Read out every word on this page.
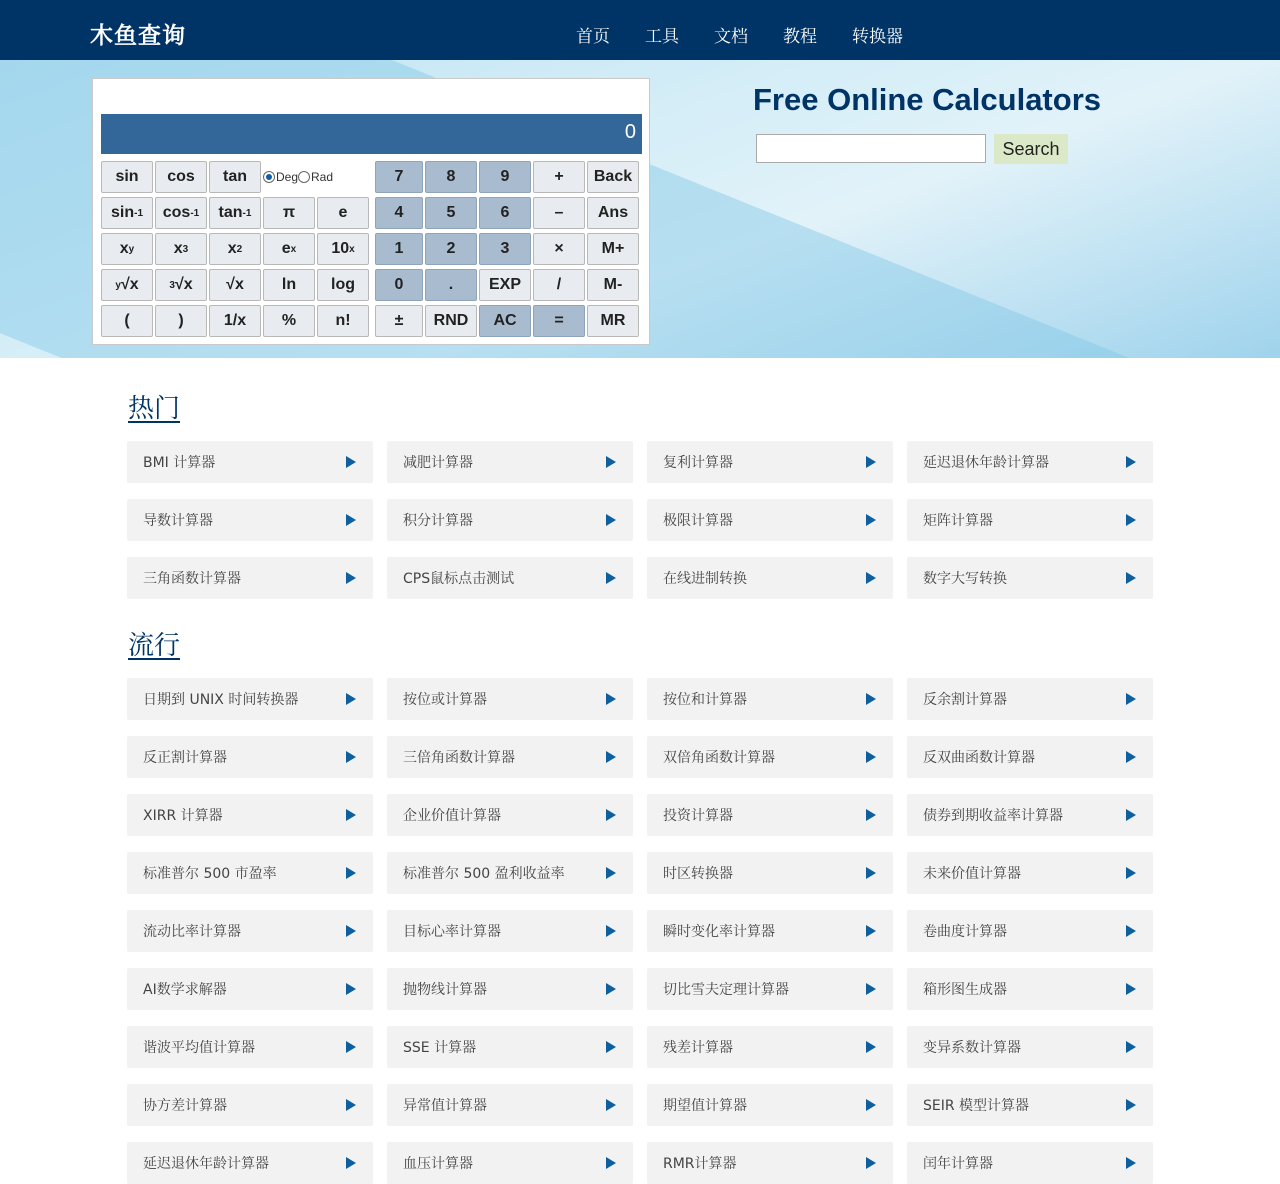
木鱼查询	首页 工具 文档 教程 转换器
0
sin	cos	tan	Deg Rad	7	8	9	+	Back
sin -1	cos -1	tan -1	π	e	4	5	6	–	Ans
x y	x 3	x 2	e x	10 x	1	2	3	×	M+
y √x	3 √x	√x	ln	log	0	.	EXP	/	M-
(	)	1/x	%	n!	±	RND	AC	=	MR
Free Online Calculators
Search
热门
BMI 计算器	减肥计算器	复利计算器	延迟退休年龄计算器
导数计算器	积分计算器	极限计算器	矩阵计算器
三角函数计算器	CPS鼠标点击测试	在线进制转换	数字大写转换
流行
日期到 UNIX 时间转换器	按位或计算器	按位和计算器	反余割计算器
反正割计算器	三倍角函数计算器	双倍角函数计算器	反双曲函数计算器
XIRR 计算器	企业价值计算器	投资计算器	债券到期收益率计算器
标准普尔 500 市盈率	标准普尔 500 盈利收益率	时区转换器	未来价值计算器
流动比率计算器	目标心率计算器	瞬时变化率计算器	卷曲度计算器
AI数学求解器	抛物线计算器	切比雪夫定理计算器	箱形图生成器
谐波平均值计算器	SSE 计算器	残差计算器	变异系数计算器
协方差计算器	异常值计算器	期望值计算器	SEIR 模型计算器
延迟退休年龄计算器	血压计算器	RMR计算器	闰年计算器
